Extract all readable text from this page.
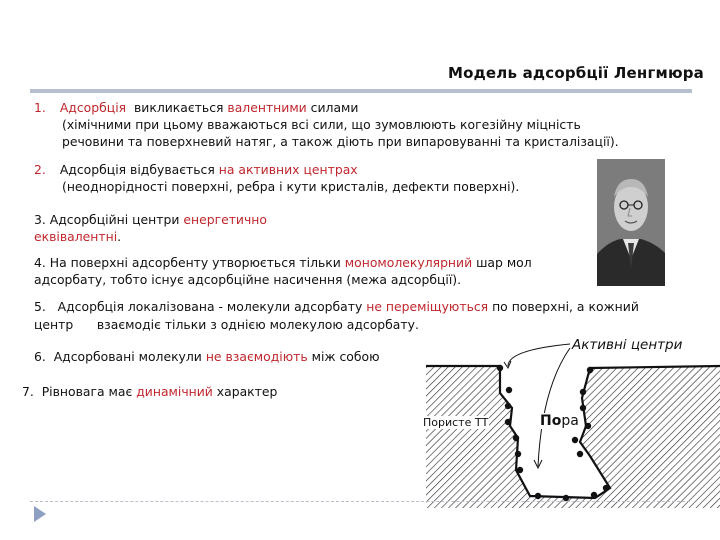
Модель адсорбції Ленгмюра
1. Адсорбція  викликається валентними силами
(хімічними при цьому вважаються всі сили, що зумовлюють когезійну міцність
речовини та поверхневий натяг, а також діють при випаровуванні та кристалізації).
2. Адсорбція відбувається на активних центрах
(неоднорідності поверхні, ребра і кути кристалів, дефекти поверхні).
3. Адсорбційні центри енергетично
еквівалентні.
4. На поверхні адсорбенту утворюється тільки мономолекулярний шар мол
адсорбату, тобто існує адсорбційне насичення (межа адсорбції).
5.   Адсорбція локалізована - молекули адсорбату не переміщуються по поверхні, а кожний
центр      взаємодіє тільки з однією молекулою адсорбату.
6.  Адсорбовані молекули не взаємодіють між собою
7.  Рівновага має динамічний характер
Активні центри
Пористе ТТ	Пора
